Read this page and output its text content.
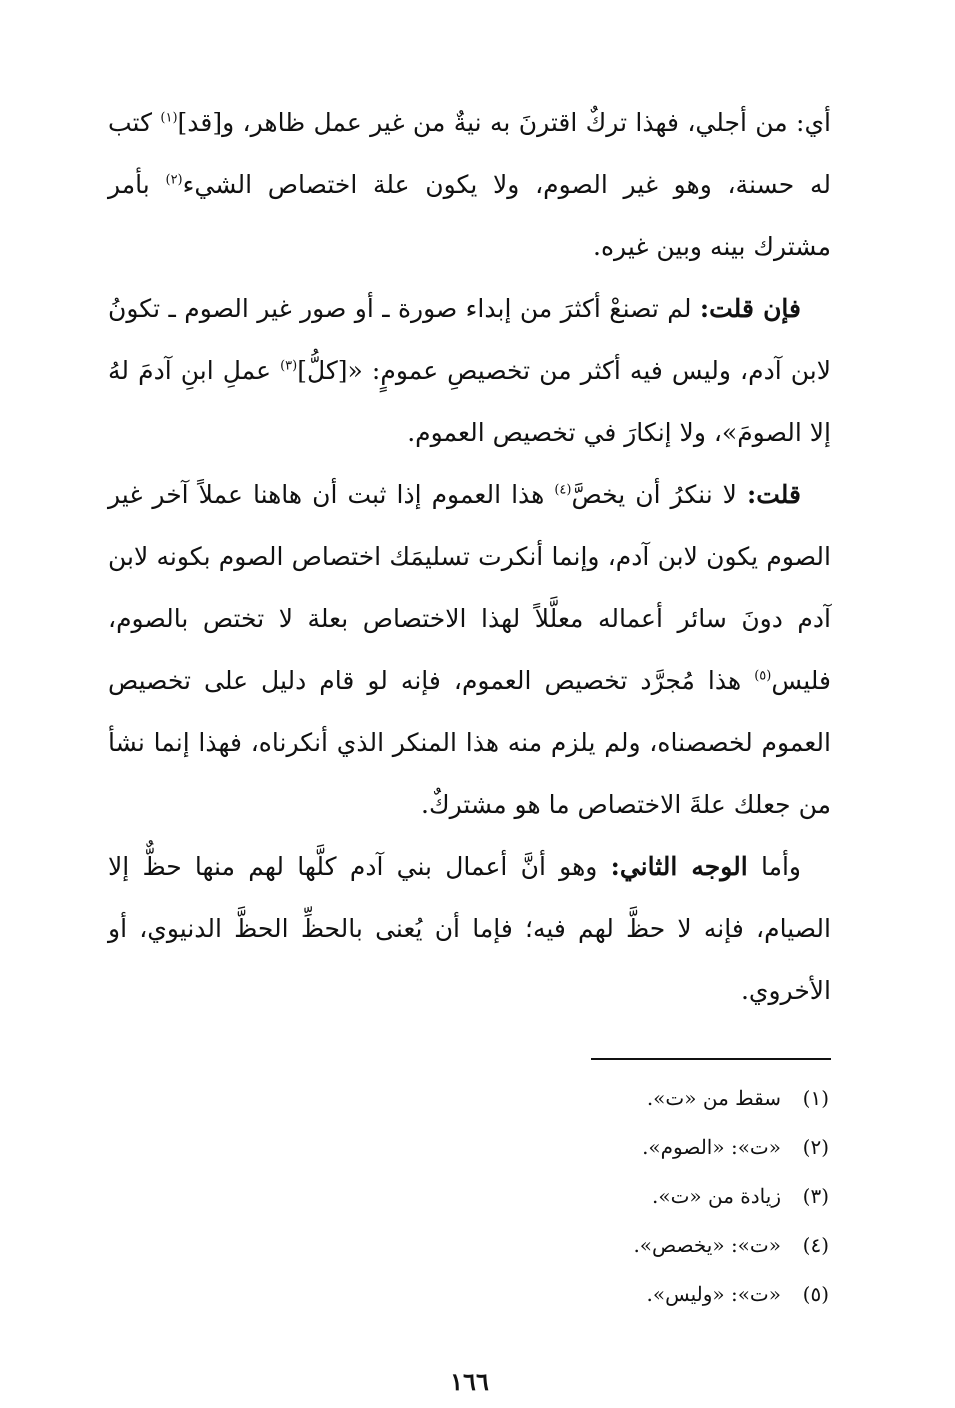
أي: من أجلي، فهذا تركٌ اقترنَ به نيةٌ من غير عمل ظاهر، و[قد]$^{(١)}$ كتب له حسنة، وهو غير الصوم، ولا يكون علة اختصاص الشيء$^{(٢)}$ بأمر مشترك بينه وبين غيره.

فإن قلت: لم تصنعْ أكثرَ من إبداء صورة ـ أو صور غير الصوم ـ تكونُ لابن آدم، وليس فيه أكثر من تخصيصِ عمومٍ: «[كلُّ]$^{(٣)}$ عملِ ابنِ آدمَ لهُ إلا الصومَ»، ولا إنكارَ في تخصيص العموم.

قلت: لا ننكرُ أن يخصَّ$^{(٤)}$ هذا العموم إذا ثبت أن هاهنا عملاً آخر غير الصوم يكون لابن آدم، وإنما أنكرت تسليمَك اختصاص الصوم بكونه لابن آدم دونَ سائر أعماله معلَّلاً لهذا الاختصاص بعلة لا تختص بالصوم، فليس$^{(٥)}$ هذا مُجرَّد تخصيص العموم، فإنه لو قام دليل على تخصيص العموم لخصصناه، ولم يلزم منه هذا المنكر الذي أنكرناه، فهذا إنما نشأ من جعلك علةَ الاختصاص ما هو مشتركٌ.

وأما الوجه الثاني: وهو أنَّ أعمال بني آدم كلَّها لهم منها حظٌّ إلا الصيام، فإنه لا حظَّ لهم فيه؛ فإما أن يُعنى بالحظِّ الحظَّ الدنيوي، أو الأخروي.

(١)
سقط من «ت».
(٢)
«ت»: «الصوم».
(٣)
زيادة من «ت».
(٤)
«ت»: «يخصص».
(٥)
«ت»: «وليس».
١٦٦
